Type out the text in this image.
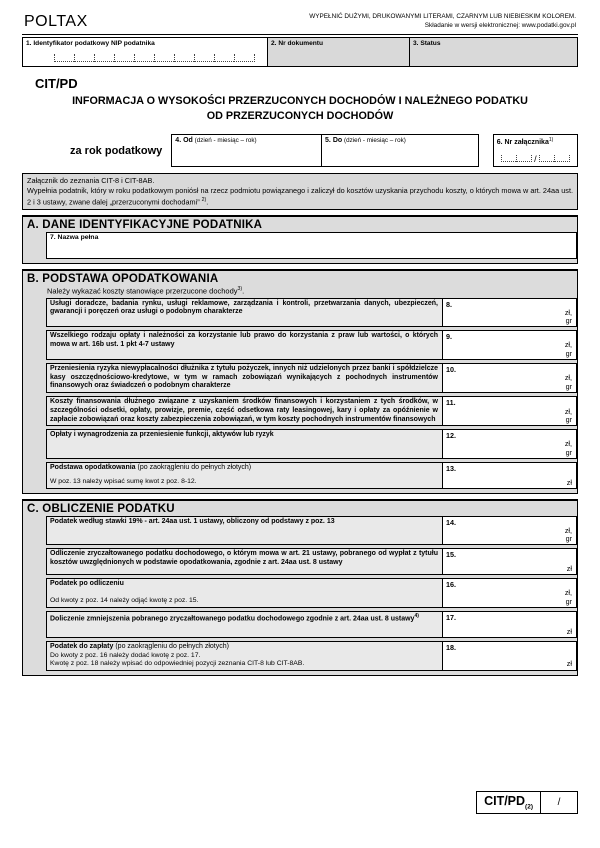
POLTAX	WYPEŁNIĆ DUŻYMI, DRUKOWANYMI LITERAMI, CZARNYM LUB NIEBIESKIM KOLOREM.
Składanie w wersji elektronicznej: www.podatki.gov.pl
1. Identyfikator podatkowy NIP podatnika	2. Nr dokumentu	3. Status
CIT/PD
INFORMACJA O WYSOKOŚCI PRZERZUCONYCH DOCHODÓW I NALEŻNEGO PODATKU
OD PRZERZUCONYCH DOCHODÓW
za rok podatkowy
4. Od (dzień - miesiąc – rok)	5. Do (dzień - miesiąc – rok)	6. Nr załącznika$^{1)}$
/
Załącznik do zeznania CIT-8 i CIT-8AB.
Wypełnia podatnik, który w roku podatkowym poniósł na rzecz podmiotu powiązanego i zaliczył do kosztów uzyskania przychodu koszty, o których mowa w art. 24aa ust. 2 i 3 ustawy, zwane dalej „przerzuconymi dochodami” $^{2)}$.
A. DANE IDENTYFIKACYJNE PODATNIKA
7. Nazwa pełna
B. PODSTAWA OPODATKOWANIA
Należy wykazać koszty stanowiące przerzucone dochody$^{3)}$.
Usługi doradcze, badania rynku, usługi reklamowe, zarządzania i kontroli, przetwarzania danych, ubezpieczeń, gwarancji i poręczeń oraz usługi o podobnym charakterze
8.
zł,
gr
Wszelkiego rodzaju opłaty i należności za korzystanie lub prawo do korzystania z praw lub wartości, o których mowa w art. 16b ust. 1 pkt 4-7 ustawy
9.
zł,
gr
Przeniesienia ryzyka niewypłacalności dłużnika z tytułu pożyczek, innych niż udzielonych przez banki i spółdzielcze kasy oszczędnościowo-kredytowe, w tym w ramach zobowiązań wynikających z pochodnych instrumentów finansowych oraz świadczeń o podobnym charakterze
10.
zł,
gr
Koszty finansowania dłużnego związane z uzyskaniem środków finansowych i korzystaniem z tych środków, w szczególności odsetki, opłaty, prowizje, premie, część odsetkowa raty leasingowej, kary i opłaty za opóźnienie w zapłacie zobowiązań oraz koszty zabezpieczenia zobowiązań, w tym koszty pochodnych instrumentów finansowych
11.
zł,
gr
Opłaty i wynagrodzenia za przeniesienie funkcji, aktywów lub ryzyk	12.
zł,
gr
Podstawa opodatkowania (po zaokrągleniu do pełnych złotych)
W poz. 13 należy wpisać sumę kwot z poz. 8-12.
13.
zł
C. OBLICZENIE PODATKU
Podatek według stawki 19% - art. 24aa ust. 1 ustawy, obliczony od podstawy z poz. 13	14.
zł,
gr
Odliczenie zryczałtowanego podatku dochodowego, o którym mowa w art. 21 ustawy, pobranego od wypłat z tytułu kosztów uwzględnionych w podstawie opodatkowania, zgodnie z art. 24aa ust. 8 ustawy
15.
zł
Podatek po odliczeniu
Od kwoty z poz. 14 należy odjąć kwotę z poz. 15.
16.
zł,
gr
Doliczenie zmniejszenia pobranego zryczałtowanego podatku dochodowego zgodnie z art. 24aa ust. 8 ustawy$^{4)}$	17.
zł
Podatek do zapłaty (po zaokrągleniu do pełnych złotych)
Do kwoty z poz. 16 należy dodać kwotę z poz. 17.
Kwotę z poz. 18 należy wpisać do odpowiedniej pozycji zeznania CIT-8 lub CIT-8AB.
18.
zł
CIT/$PD_{(2)}$	/
